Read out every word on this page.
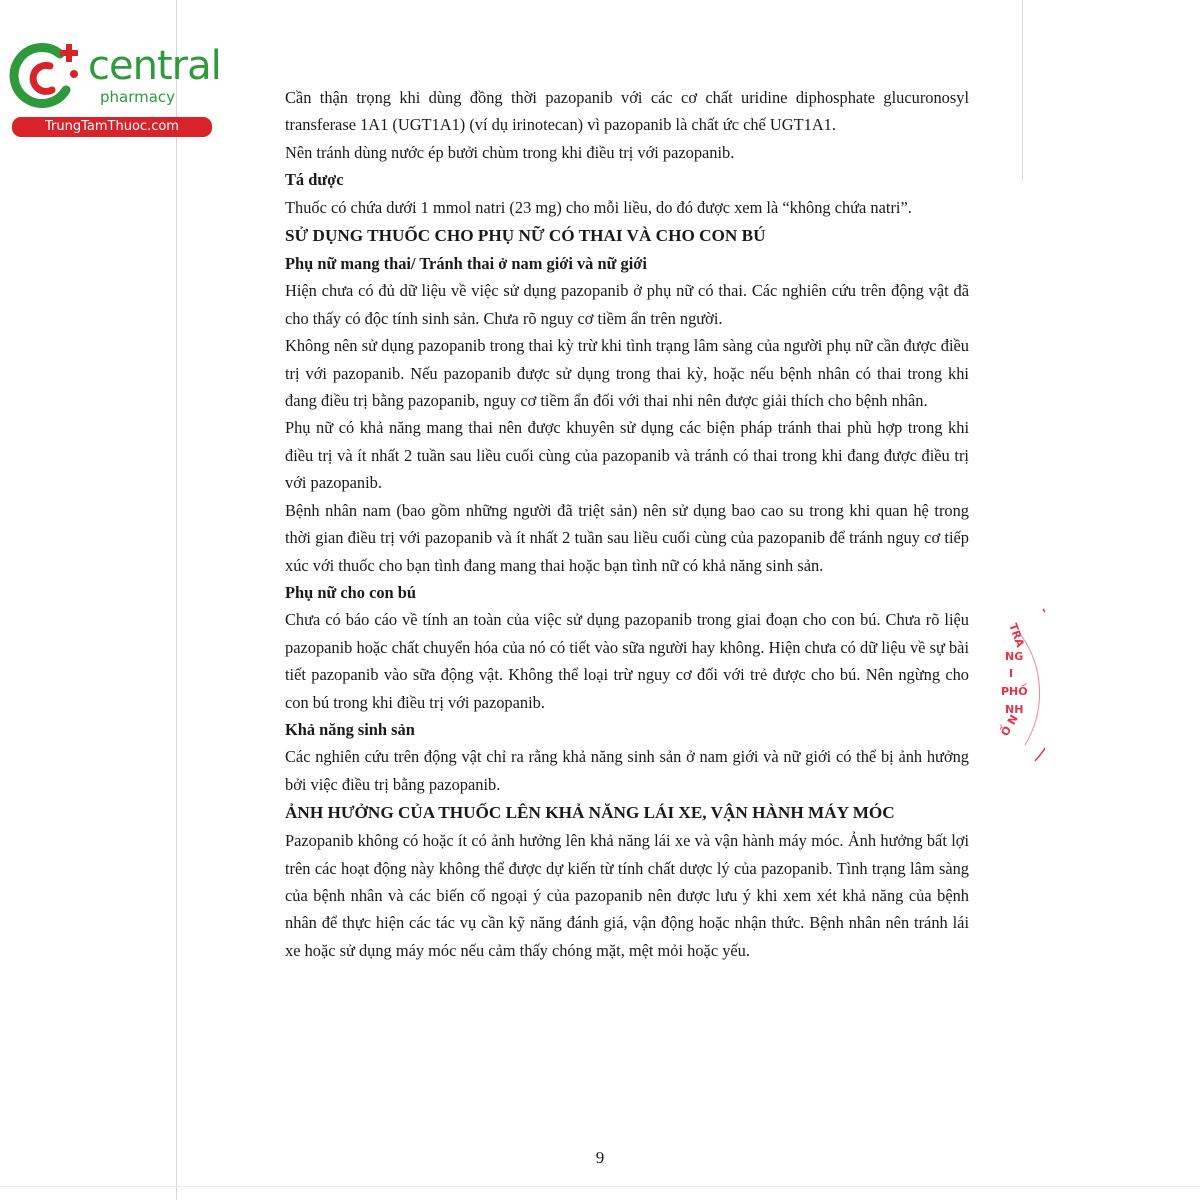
central
pharmacy
TrungTamThuoc.com

Cần thận trọng khi dùng đồng thời pazopanib với các cơ chất uridine diphosphate glucuronosyl transferase 1A1 (UGT1A1) (ví dụ irinotecan) vì pazopanib là chất ức chế UGT1A1.

Nên tránh dùng nước ép bưởi chùm trong khi điều trị với pazopanib.

Tá dược

Thuốc có chứa dưới 1 mmol natri (23 mg) cho mỗi liều, do đó được xem là “không chứa natri”.

SỬ DỤNG THUỐC CHO PHỤ NỮ CÓ THAI VÀ CHO CON BÚ

Phụ nữ mang thai/ Tránh thai ở nam giới và nữ giới

Hiện chưa có đủ dữ liệu về việc sử dụng pazopanib ở phụ nữ có thai. Các nghiên cứu trên động vật đã cho thấy có độc tính sinh sản. Chưa rõ nguy cơ tiềm ẩn trên người.

Không nên sử dụng pazopanib trong thai kỳ trừ khi tình trạng lâm sàng của người phụ nữ cần được điều trị với pazopanib. Nếu pazopanib được sử dụng trong thai kỳ, hoặc nếu bệnh nhân có thai trong khi đang điều trị bằng pazopanib, nguy cơ tiềm ẩn đối với thai nhi nên được giải thích cho bệnh nhân.

Phụ nữ có khả năng mang thai nên được khuyên sử dụng các biện pháp tránh thai phù hợp trong khi điều trị và ít nhất 2 tuần sau liều cuối cùng của pazopanib và tránh có thai trong khi đang được điều trị với pazopanib.

Bệnh nhân nam (bao gồm những người đã triệt sản) nên sử dụng bao cao su trong khi quan hệ trong thời gian điều trị với pazopanib và ít nhất 2 tuần sau liều cuối cùng của pazopanib để tránh nguy cơ tiếp xúc với thuốc cho bạn tình đang mang thai hoặc bạn tình nữ có khả năng sinh sản.

Phụ nữ cho con bú

Chưa có báo cáo về tính an toàn của việc sử dụng pazopanib trong giai đoạn cho con bú. Chưa rõ liệu pazopanib hoặc chất chuyển hóa của nó có tiết vào sữa người hay không. Hiện chưa có dữ liệu về sự bài tiết pazopanib vào sữa động vật. Không thể loại trừ nguy cơ đối với trẻ được cho bú. Nên ngừng cho con bú trong khi điều trị với pazopanib.

Khả năng sinh sản

Các nghiên cứu trên động vật chỉ ra rằng khả năng sinh sản ở nam giới và nữ giới có thể bị ảnh hưởng bởi việc điều trị bằng pazopanib.

ẢNH HƯỞNG CỦA THUỐC LÊN KHẢ NĂNG LÁI XE, VẬN HÀNH MÁY MÓC

Pazopanib không có hoặc ít có ảnh hưởng lên khả năng lái xe và vận hành máy móc. Ảnh hưởng bất lợi trên các hoạt động này không thể được dự kiến từ tính chất dược lý của pazopanib. Tình trạng lâm sàng của bệnh nhân và các biến cố ngoại ý của pazopanib nên được lưu ý khi xem xét khả năng của bệnh nhân để thực hiện các tác vụ cần kỹ năng đánh giá, vận động hoặc nhận thức. Bệnh nhân nên tránh lái xe hoặc sử dụng máy móc nếu cảm thấy chóng mặt, mệt mỏi hoặc yếu.

9
TRA
NG
I
PHỐ
NH
Ố N
